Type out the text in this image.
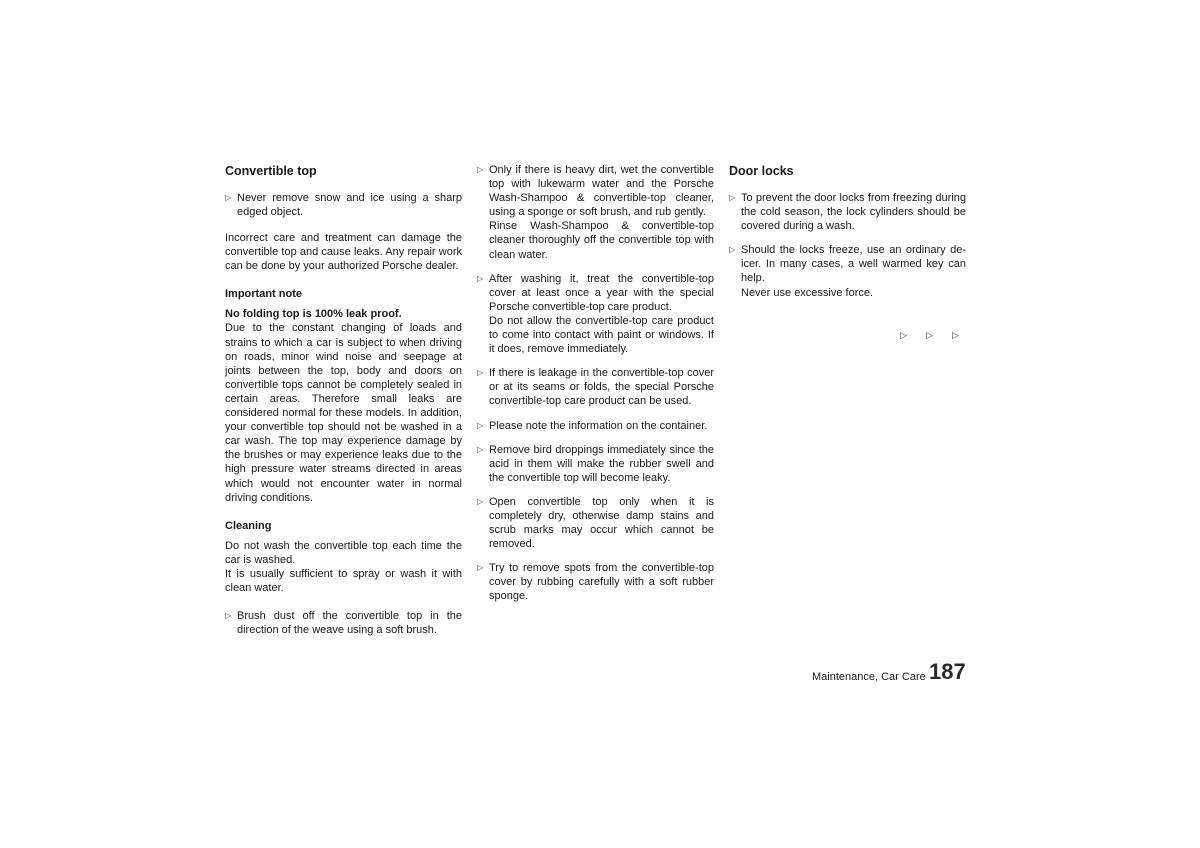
Convertible top
▷ Never remove snow and ice using a sharp edged object.

Incorrect care and treatment can damage the convertible top and cause leaks. Any repair work can be done by your authorized Porsche dealer.

Important note
No folding top is 100% leak proof.

Due to the constant changing of loads and strains to which a car is subject to when driving on roads, minor wind noise and seepage at joints between the top, body and doors on convertible tops cannot be completely sealed in certain areas. Therefore small leaks are considered normal for these models. In addition, your convertible top should not be washed in a car wash. The top may experience damage by the brushes or may experience leaks due to the high pressure water streams directed in areas which would not encounter water in normal driving conditions.

Cleaning

Do not wash the convertible top each time the car is washed.

It is usually sufficient to spray or wash it with clean water.

▷ Brush dust off the convertible top in the direction of the weave using a soft brush.
▷ Only if there is heavy dirt, wet the convertible top with lukewarm water and the Porsche Wash-Shampoo & convertible-top cleaner, using a sponge or soft brush, and rub gently.
Rinse Wash-Shampoo & convertible-top cleaner thoroughly off the convertible top with clean water.
▷ After washing it, treat the convertible-top cover at least once a year with the special Porsche convertible-top care product.
Do not allow the convertible-top care product to come into contact with paint or windows. If it does, remove immediately.
▷ If there is leakage in the convertible-top cover or at its seams or folds, the special Porsche convertible-top care product can be used.
▷ Please note the information on the container.
▷ Remove bird droppings immediately since the acid in them will make the rubber swell and the convertible top will become leaky.
▷ Open convertible top only when it is completely dry, otherwise damp stains and scrub marks may occur which cannot be removed.
▷ Try to remove spots from the convertible-top cover by rubbing carefully with a soft rubber sponge.
Door locks
▷ To prevent the door locks from freezing during the cold season, the lock cylinders should be covered during a wash.
▷ Should the locks freeze, use an ordinary de-icer. In many cases, a well warmed key can help.
Never use excessive force.
▷ ▷ ▷
Maintenance, Car Care 187
